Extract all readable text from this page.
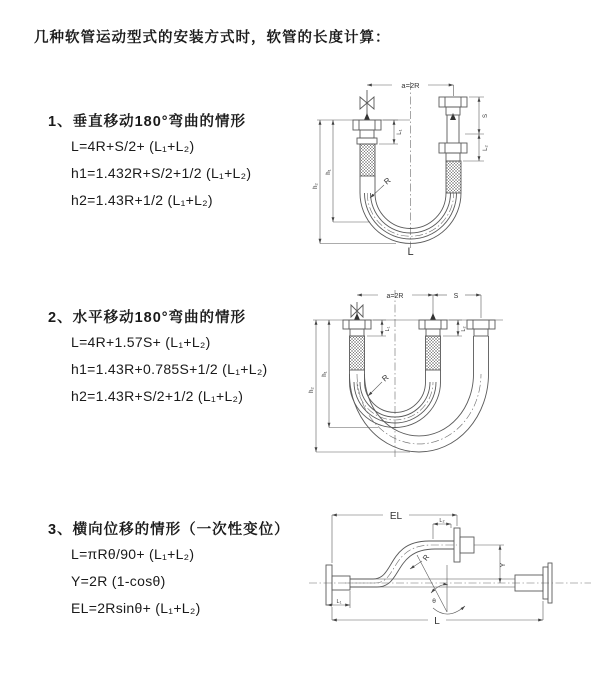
几种软管运动型式的安装方式时，软管的长度计算：
1、垂直移动180°弯曲的情形
L=4R+S/2+ (L₁+L₂)
h1=1.432R+S/2+1/2 (L₁+L₂)
h2=1.43R+1/2 (L₁+L₂)
2、水平移动180°弯曲的情形
L=4R+1.57S+ (L₁+L₂)
h1=1.43R+0.785S+1/2 (L₁+L₂)
h2=1.43R+S/2+1/2 (L₁+L₂)
3、横向位移的情形（一次性变位）
L=πRθ/90+ (L₁+L₂)
Y=2R (1-cosθ)
EL=2Rsinθ+ (L₁+L₂)
a=2R
L₁
S
L₂
R
h₁
h₂
L
a=2R	S
L₁	L₂
R
h₁
h₂
EL	L₂
Y
R
θ
L₁
L
